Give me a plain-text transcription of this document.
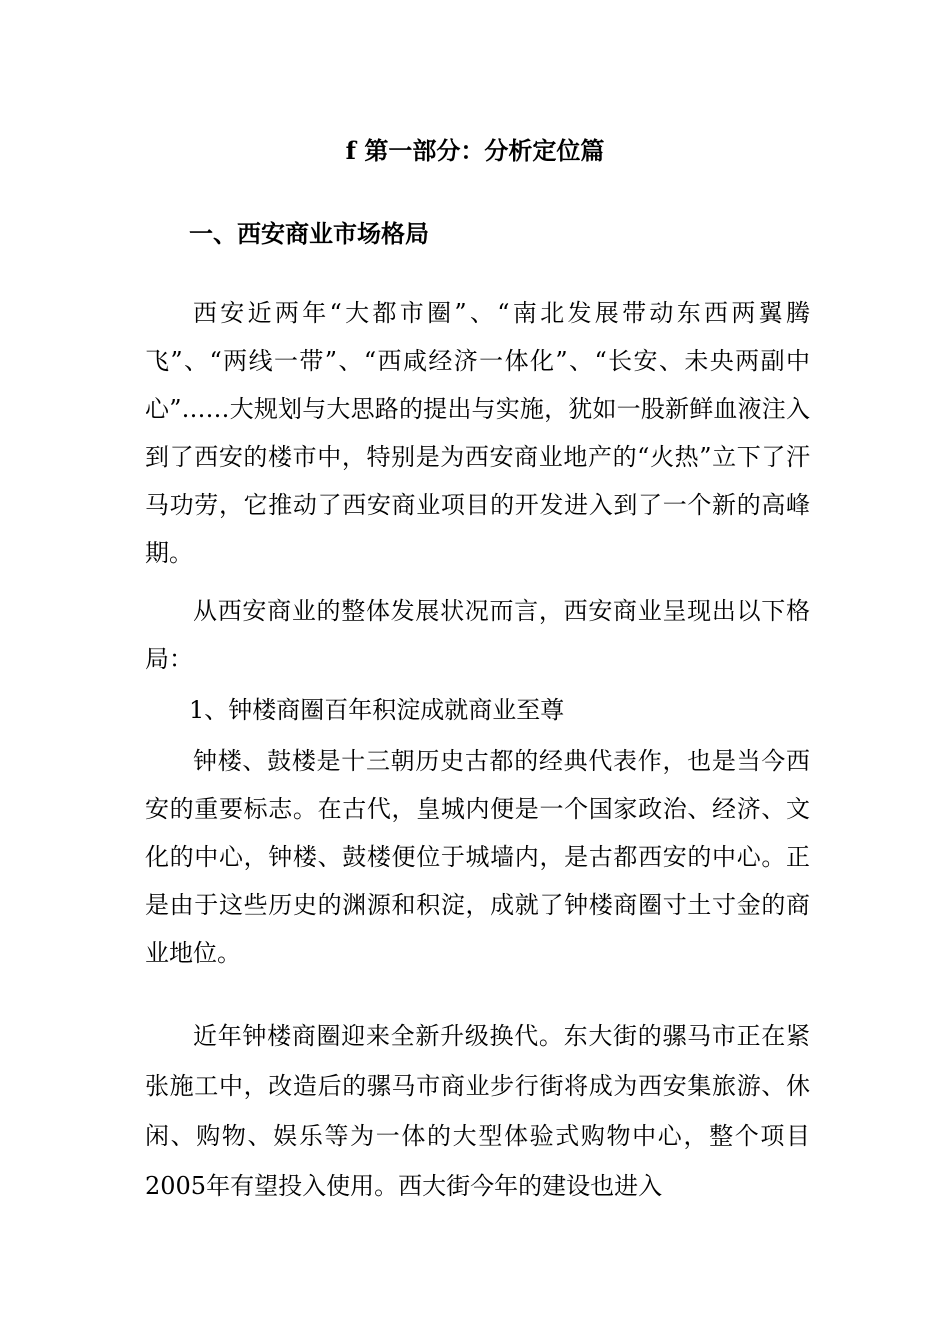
f 第一部分：分析定位篇
一、西安商业市场格局

西安近两年“大都市圈”、“南北发展带动东西两翼腾飞”、“两线一带”、“西咸经济一体化”、“长安、未央两副中心”……大规划与大思路的提出与实施，犹如一股新鲜血液注入到了西安的楼市中，特别是为西安商业地产的“火热”立下了汗马功劳，它推动了西安商业项目的开发进入到了一个新的高峰期。

从西安商业的整体发展状况而言，西安商业呈现出以下格局：

1、钟楼商圈百年积淀成就商业至尊

钟楼、鼓楼是十三朝历史古都的经典代表作，也是当今西安的重要标志。在古代，皇城内便是一个国家政治、经济、文化的中心，钟楼、鼓楼便位于城墙内，是古都西安的中心。正是由于这些历史的渊源和积淀，成就了钟楼商圈寸土寸金的商业地位。

近年钟楼商圈迎来全新升级换代。东大街的骡马市正在紧张施工中，改造后的骡马市商业步行街将成为西安集旅游、休闲、购物、娱乐等为一体的大型体验式购物中心，整个项目2005年有望投入使用。西大街今年的建设也进入
